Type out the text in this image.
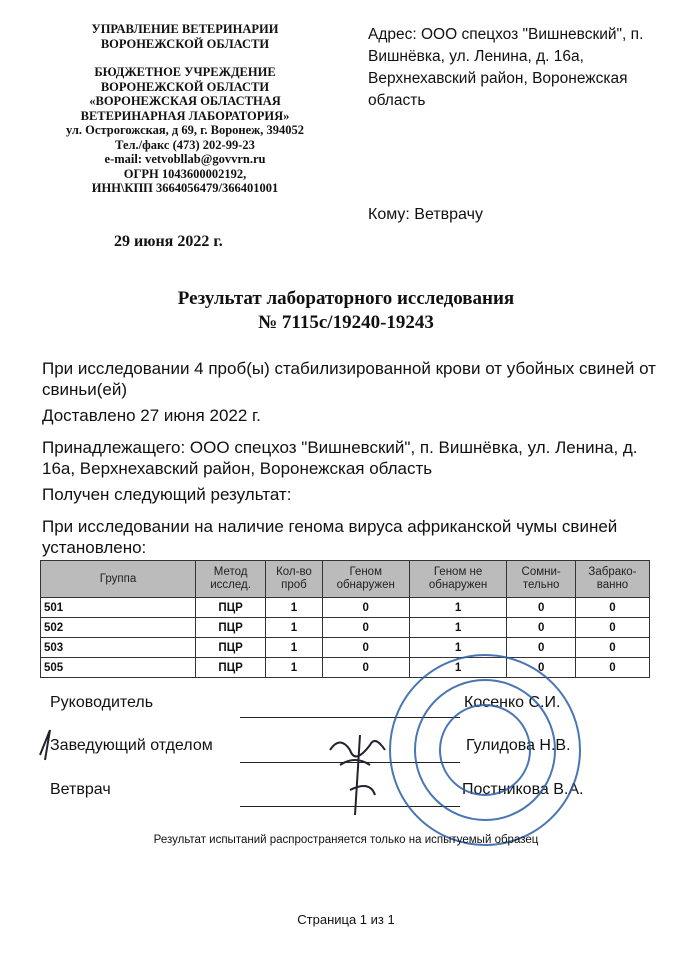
УПРАВЛЕНИЕ ВЕТЕРИНАРИИ
ВОРОНЕЖСКОЙ ОБЛАСТИ
БЮДЖЕТНОЕ УЧРЕЖДЕНИЕ
ВОРОНЕЖСКОЙ ОБЛАСТИ
«ВОРОНЕЖСКАЯ ОБЛАСТНАЯ
ВЕТЕРИНАРНАЯ ЛАБОРАТОРИЯ»
ул. Острогожская, д 69, г. Воронеж, 394052
Тел./факс (473) 202-99-23
e-mail: vetvobllab@govvrn.ru
ОГРН 1043600002192,
ИНН\КПП 3664056479/366401001
Адрес: ООО спецхоз "Вишневский", п. Вишнёвка, ул. Ленина, д. 16а, Верхнехавский район, Воронежская область
Кому: Ветврачу
29 июня 2022 г.
Результат лабораторного исследования
№ 7115с/19240-19243
При исследовании 4 проб(ы) стабилизированной крови от убойных свиней от свиньи(ей)
Доставлено 27 июня 2022 г.
Принадлежащего: ООО спецхоз "Вишневский", п. Вишнёвка, ул. Ленина, д. 16а, Верхнехавский район, Воронежская область
Получен следующий результат:
При исследовании на наличие генома вируса африканской чумы свиней установлено:
Группа	Метод исслед.	Кол-во проб	Геном обнаружен	Геном не обнаружен	Сомни-тельно	Забрако-ванно
501	ПЦР	1	0	1	0	0
502	ПЦР	1	0	1	0	0
503	ПЦР	1	0	1	0	0
505	ПЦР	1	0	1	0	0
Руководитель	Косенко С.И.
Заведующий отделом	Гулидова Н.В.
Ветврач	Постникова В.А.
Результат испытаний распространяется только на испытуемый образец
Страница 1 из 1
